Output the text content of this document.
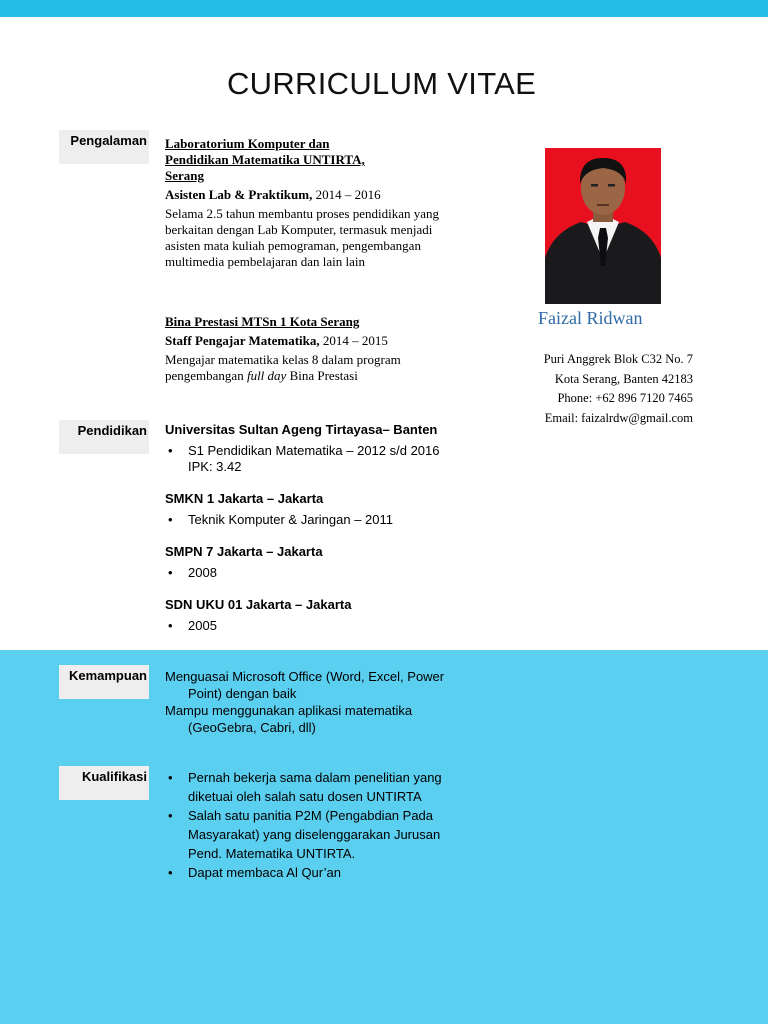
CURRICULUM VITAE
Pengalaman
Pendidikan
Kemampuan
Kualifikasi
Laboratorium Komputer dan
Pendidikan Matematika UNTIRTA,
Serang
Asisten Lab & Praktikum, 2014 – 2016
Selama 2.5 tahun membantu proses pendidikan yang berkaitan dengan Lab Komputer, termasuk menjadi asisten mata kuliah pemograman, pengembangan multimedia pembelajaran dan lain lain
Bina Prestasi MTSn 1 Kota Serang
Staff Pengajar Matematika, 2014 – 2015
Mengajar matematika kelas 8 dalam program pengembangan full day Bina Prestasi
Faizal Ridwan
Puri Anggrek Blok C32 No. 7
Kota Serang, Banten 42183
Phone: +62 896 7120 7465
Email: faizalrdw@gmail.com
Universitas Sultan Ageng Tirtayasa– Banten
• S1 Pendidikan Matematika – 2012 s/d 2016
IPK: 3.42
SMKN 1 Jakarta – Jakarta
• Teknik Komputer & Jaringan – 2011
SMPN 7 Jakarta – Jakarta
• 2008
SDN UKU 01 Jakarta – Jakarta
• 2005
Menguasai Microsoft Office (Word, Excel, Power Point) dengan baik
Mampu menggunakan aplikasi matematika (GeoGebra, Cabri, dll)
• Pernah bekerja sama dalam penelitian yang diketuai oleh salah satu dosen UNTIRTA
• Salah satu panitia P2M (Pengabdian Pada Masyarakat) yang diselenggarakan Jurusan Pend. Matematika UNTIRTA.
• Dapat membaca Al Qur’an
